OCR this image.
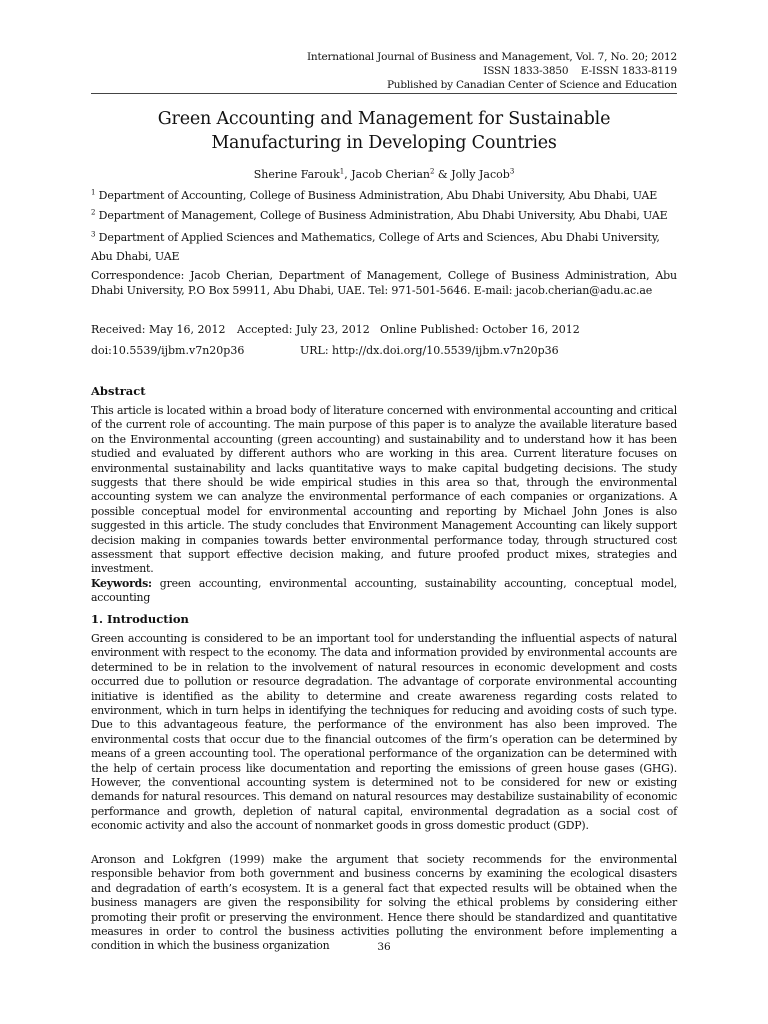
International Journal of Business and Management, Vol. 7, No. 20; 2012
ISSN 1833-3850    E-ISSN 1833-8119
Published by Canadian Center of Science and Education
Green Accounting and Management for Sustainable Manufacturing in Developing Countries
Sherine Farouk$^1$, Jacob Cherian$^2$ & Jolly Jacob$^3$
$^1$ Department of Accounting, College of Business Administration, Abu Dhabi University, Abu Dhabi, UAE
$^2$ Department of Management, College of Business Administration, Abu Dhabi University, Abu Dhabi, UAE
$^3$ Department of Applied Sciences and Mathematics, College of Arts and Sciences, Abu Dhabi University, Abu Dhabi, UAE
Correspondence: Jacob Cherian, Department of Management, College of Business Administration, Abu Dhabi University, P.O Box 59911, Abu Dhabi, UAE. Tel: 971-501-5646. E-mail: jacob.cherian@adu.ac.ae
Received: May 16, 2012 Accepted: July 23, 2012 Online Published: October 16, 2012
doi:10.5539/ijbm.v7n20p36	URL: http://dx.doi.org/10.5539/ijbm.v7n20p36
Abstract

This article is located within a broad body of literature concerned with environmental accounting and critical of the current role of accounting. The main purpose of this paper is to analyze the available literature based on the Environmental accounting (green accounting) and sustainability and to understand how it has been studied and evaluated by different authors who are working in this area. Current literature focuses on environmental sustainability and lacks quantitative ways to make capital budgeting decisions. The study suggests that there should be wide empirical studies in this area so that, through the environmental accounting system we can analyze the environmental performance of each companies or organizations. A possible conceptual model for environmental accounting and reporting by Michael John Jones is also suggested in this article. The study concludes that Environment Management Accounting can likely support decision making in companies towards better environmental performance today, through structured cost assessment that support effective decision making, and future proofed product mixes, strategies and investment.

Keywords: green accounting, environmental accounting, sustainability accounting, conceptual model, accounting
1. Introduction

Green accounting is considered to be an important tool for understanding the influential aspects of natural environment with respect to the economy. The data and information provided by environmental accounts are determined to be in relation to the involvement of natural resources in economic development and costs occurred due to pollution or resource degradation. The advantage of corporate environmental accounting initiative is identified as the ability to determine and create awareness regarding costs related to environment, which in turn helps in identifying the techniques for reducing and avoiding costs of such type. Due to this advantageous feature, the performance of the environment has also been improved. The environmental costs that occur due to the financial outcomes of the firm’s operation can be determined by means of a green accounting tool. The operational performance of the organization can be determined with the help of certain process like documentation and reporting the emissions of green house gases (GHG). However, the conventional accounting system is determined not to be considered for new or existing demands for natural resources. This demand on natural resources may destabilize sustainability of economic performance and growth, depletion of natural capital, environmental degradation as a social cost of economic activity and also the account of nonmarket goods in gross domestic product (GDP).

Aronson and Lokfgren (1999) make the argument that society recommends for the environmental responsible behavior from both government and business concerns by examining the ecological disasters and degradation of earth’s ecosystem. It is a general fact that expected results will be obtained when the business managers are given the responsibility for solving the ethical problems by considering either promoting their profit or preserving the environment. Hence there should be standardized and quantitative measures in order to control the business activities polluting the environment before implementing a condition in which the business organization	36
